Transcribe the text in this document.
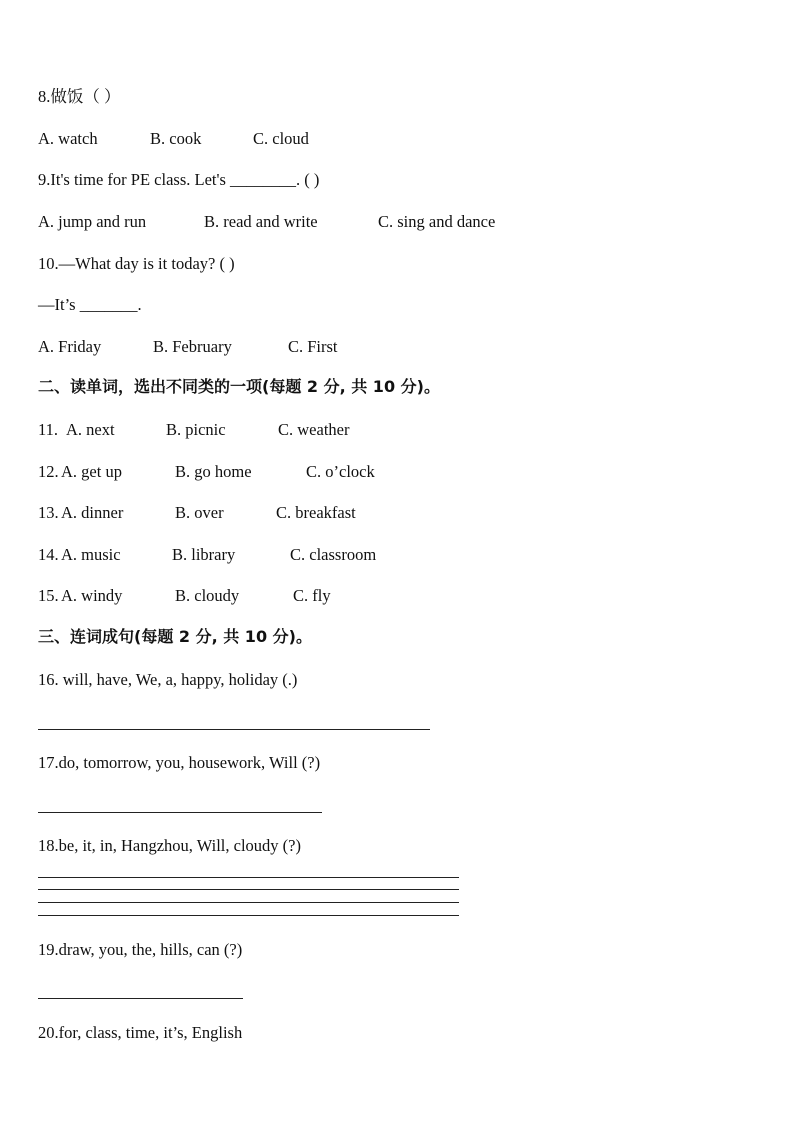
8.做饭（ ）
A. watch	B. cook	C. cloud
9.It's time for PE class. Let's ________. ( )
A. jump and run	B. read and write	C. sing and dance
10.—What day is it today? ( )
—It’s _______.
A. Friday	B. February	C. First
二、读单词，选出不同类的一项(每题 2 分, 共 10 分)。
11. A. next	B. picnic	C. weather
12. A. get up	B. go home	C. o’clock
13. A. dinner	B. over	C. breakfast
14. A. music	B. library	C. classroom
15. A. windy	B. cloudy	C. fly
三、连词成句(每题 2 分, 共 10 分)。
16. will, have, We, a, happy, holiday (.)
17.do, tomorrow, you, housework, Will (?)
18.be, it, in, Hangzhou, Will, cloudy (?)
19.draw, you, the, hills, can (?)
20.for, class, time, it’s, English
